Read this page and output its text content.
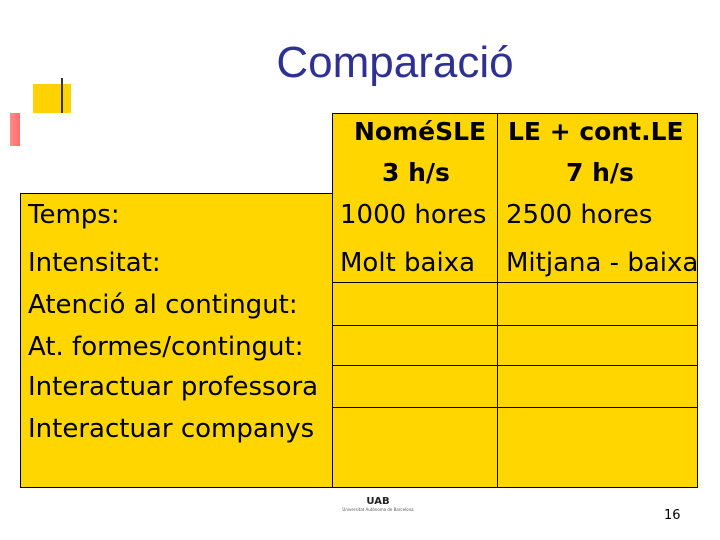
Comparació
NoméSLE
3 h/s
LE + cont.LE
7 h/s
Temps:
Intensitat:
Atenció al contingut:
At. formes/contingut:
Interactuar professora
Interactuar companys
1000 hores 2500 hores
Molt baixa Mitjana - baixa
UAB
Universitat Autònoma de Barcelona	16
